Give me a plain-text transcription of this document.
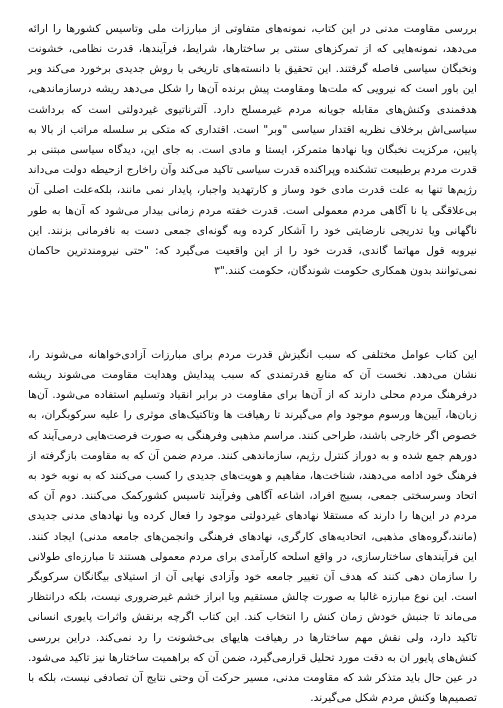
بررسی مقاومت مدنی در این کتاب، نمونه‌های متفاوتی از مبارزات ملی وتاسیس کشورها را ارائه می‌دهد، نمونه‌هایی که از تمرکزهای سنتی بر ساختارها، شرایط، فرآیندها، قدرت نظامی، خشونت ونخبگان سیاسی فاصله گرفتند. این تحقیق با دانسته‌های تاریخی با روش جدیدی برخورد می‌کند وبر این باور است که نیرویی که ملت‌ها ومقاومت پیش برنده آن‌ها را شکل می‌دهد ریشه درسازماندهی، هدفمندی وکنش‌های مقابله جویانه مردم غیرمسلح دارد. آلترناتیوی غیردولتی است که برداشت سیاسی‌اش برخلاف نظریه اقتدار سیاسی "وبر" است. اقتداری که متکی بر سلسله مراتب از بالا به پایین، مرکزیت نخبگان ویا نهادها متمرکز، ایستا و مادی است. به جای این، دیدگاه سیاسی مبتنی بر قدرت مردم برطبیعت تشکنده وپراکنده قدرت سیاسی تاکید می‌کند وآن راخارج ازحیطه دولت می‌داند رژیم‌ها تنها به علت قدرت مادی خود وساز و کارتهدید واجبار، پایدار نمی مانند، بلکه‌علت اصلی آن بی‌علاقگی یا نا آگاهی مردم معمولی است. قدرت خفته مردم زمانی بیدار می‌شود که آن‌ها به طور ناگهانی ویا تدریجی نارضایتی خود را آشکار کرده وبه گونه‌ای جمعی دست به نافرمانی بزنند. این نیروبه قول مهاتما گاندی، قدرت خود را از این واقعیت می‌گیرد که: "حتی نیرومندترین حاکمان نمی‌توانند بدون همکاری حکومت شوندگان، حکومت کنند."۳

این کتاب عوامل مختلفی که سبب انگیزش قدرت مردم برای مبارزات آزادی‌خواهانه می‌شوند را، نشان می‌دهد. نخست آن که منابع قدرتمندی که سبب پیدایش وهدایت مقاومت می‌شوند ریشه درفرهنگ مردم محلی دارند که از آن‌ها برای مقاومت در برابر انقیاد وتسلیم استفاده می‌شود. آن‌ها زبان‌ها، آیین‌ها ورسوم موجود وام می‌گیرند تا رهیافت ها وتاکتیک‌های موثری را علیه سرکوبگران، به خصوص اگر خارجی باشند، طراحی کنند. مراسم مذهبی وفرهنگی به صورت فرصت‌هایی درمی‌آیند که دورهم جمع شده و به دوراز کنترل رژیم، سازماندهی کنند. مردم ضمن آن که به مقاومت بازگرفته از فرهنگ خود ادامه می‌دهند، شناخت‌ها، مفاهیم و هویت‌های جدیدی را کسب می‌کنند که به نوبه خود به اتحاد وسرسختی جمعی، بسیج افراد، اشاعه آگاهی وفرآیند تاسیس کشورکمک می‌کنند. دوم آن که مردم در این‌ها را دارند که مستقلا نهادهای غیردولتی موجود را فعال کرده ویا نهادهای مدنی جدیدی (مانند،گروه‌های مذهبی، اتحادیه‌های کارگری، نهادهای فرهنگی وانجمن‌های جامعه مدنی) ایجاد کنند. این فرآیندهای ساختارسازی، در واقع اسلحه کارآمدی برای مردم معمولی هستند تا مبارزه‌ای طولانی را سازمان دهی کنند که هدف آن تغییر جامعه خود وآزادی نهایی آن از استیلای بیگانگان سرکوبگر است. این نوع مبارزه غالبا به صورت چالش مستقیم ویا ابراز خشم غیرضروری نیست، بلکه درانتظار می‌ماند تا جنبش خودش زمان کنش را انتخاب کند. این کتاب اگرچه برنقش واثرات پایوری انسانی تاکید دارد، ولی نقش مهم ساختارها در رهیافت هایهای بی‌خشونت را رد نمی‌کند. دراین بررسی کنش‌های پایور ان به دقت مورد تحلیل قرارمی‌گیرد، ضمن آن که براهمیت ساختارها نیز تاکید می‌شود. در عین حال باید متذکر شد که مقاومت مدنی، مسیر حرکت آن وحتی نتایج آن تصادفی نیست، بلکه با تصمیم‌ها وکنش مردم شکل می‌گیرند.
